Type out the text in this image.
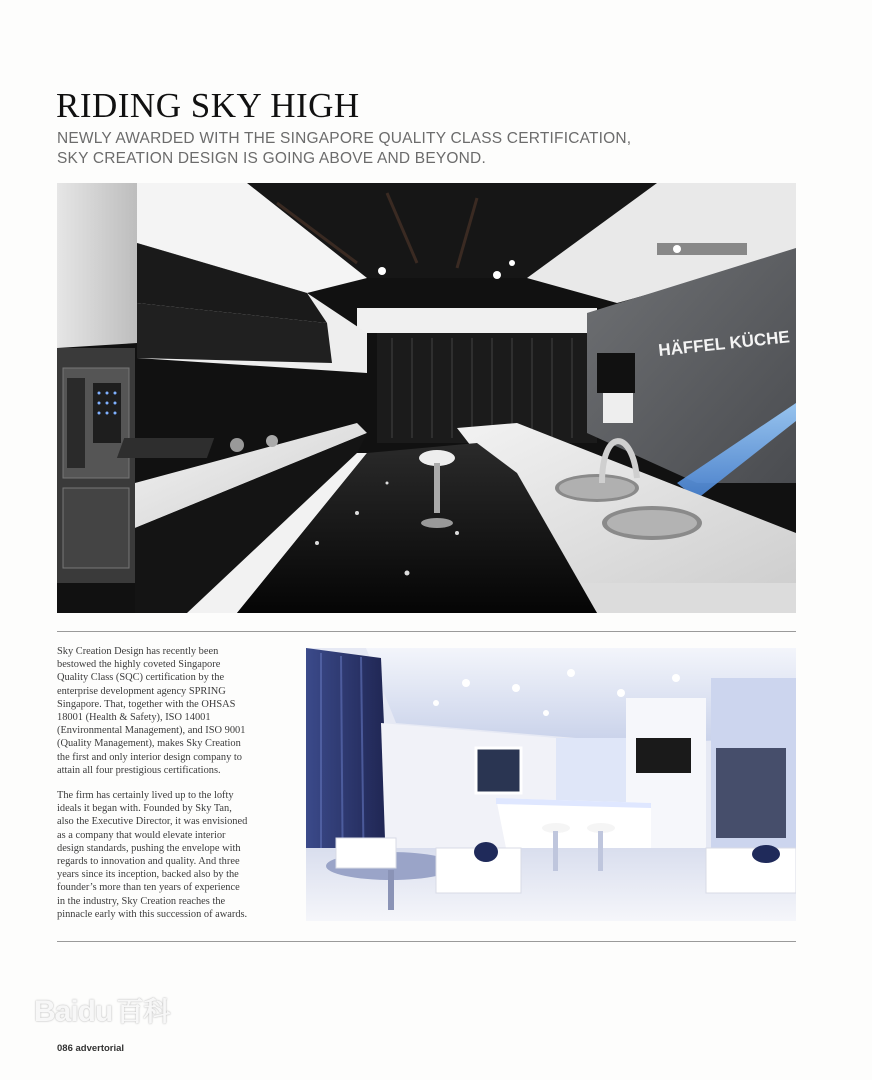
RIDING SKY HIGH
NEWLY AWARDED WITH THE SINGAPORE QUALITY CLASS CERTIFICATION,
SKY CREATION DESIGN IS GOING ABOVE AND BEYOND.
HÄFFEL KÜCHE

Sky Creation Design has recently been
bestowed the highly coveted Singapore
Quality Class (SQC) certification by the
enterprise development agency SPRING
Singapore. That, together with the OHSAS
18001 (Health & Safety), ISO 14001
(Environmental Management), and ISO 9001
(Quality Management), makes Sky Creation
the first and only interior design company to
attain all four prestigious certifications.

The firm has certainly lived up to the lofty
ideals it began with. Founded by Sky Tan,
also the Executive Director, it was envisioned
as a company that would elevate interior
design standards, pushing the envelope with
regards to innovation and quality. And three
years since its inception, backed also by the
founder’s more than ten years of experience
in the industry, Sky Creation reaches the
pinnacle early with this succession of awards.

Baidu 百科
086 advertorial
